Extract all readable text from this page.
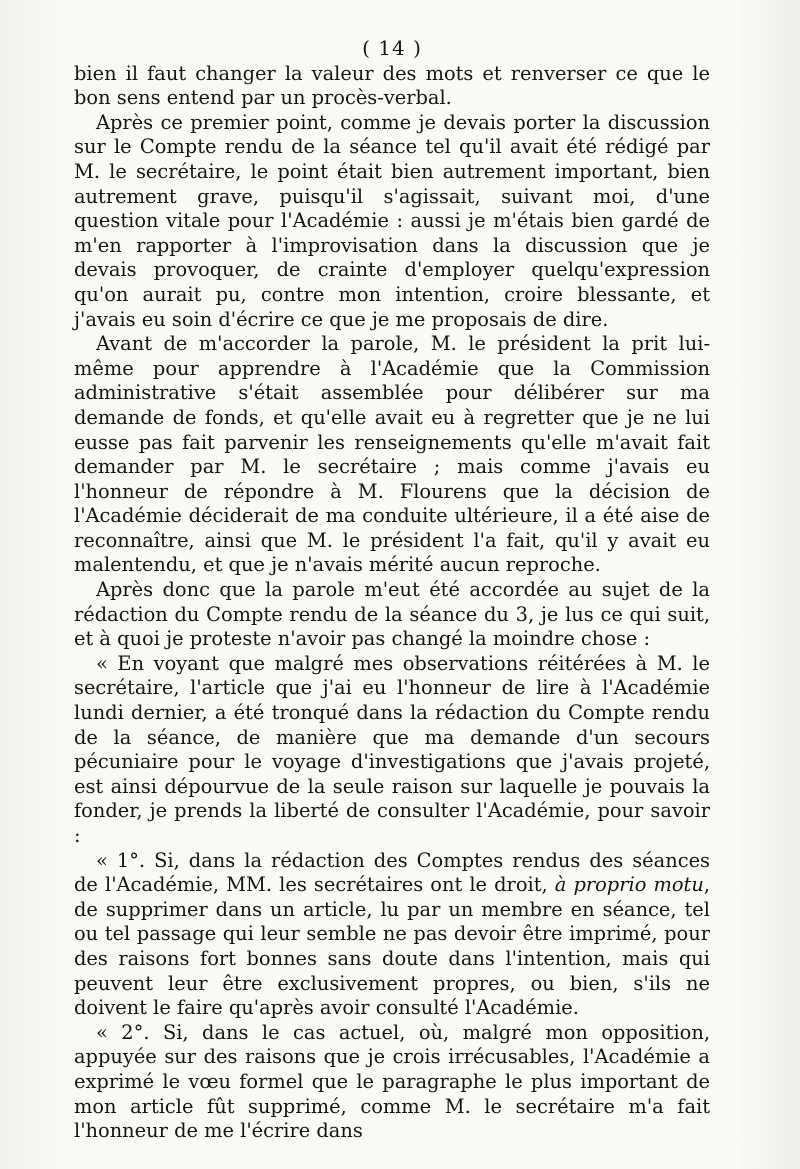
( 14 )

bien il faut changer la valeur des mots et renverser ce que le bon sens entend par un procès-verbal.

Après ce premier point, comme je devais porter la discussion sur le Compte rendu de la séance tel qu'il avait été rédigé par M. le secrétaire, le point était bien autrement important, bien autrement grave, puisqu'il s'agissait, suivant moi, d'une question vitale pour l'Académie : aussi je m'étais bien gardé de m'en rapporter à l'improvisation dans la discussion que je devais provoquer, de crainte d'employer quelqu'expression qu'on aurait pu, contre mon intention, croire blessante, et j'avais eu soin d'écrire ce que je me proposais de dire.

Avant de m'accorder la parole, M. le président la prit lui-même pour apprendre à l'Académie que la Commission administrative s'était assemblée pour délibérer sur ma demande de fonds, et qu'elle avait eu à regretter que je ne lui eusse pas fait parvenir les renseignements qu'elle m'avait fait demander par M. le secrétaire ; mais comme j'avais eu l'honneur de répondre à M. Flourens que la décision de l'Académie déciderait de ma conduite ultérieure, il a été aise de reconnaître, ainsi que M. le président l'a fait, qu'il y avait eu malentendu, et que je n'avais mérité aucun reproche.

Après donc que la parole m'eut été accordée au sujet de la rédaction du Compte rendu de la séance du 3, je lus ce qui suit, et à quoi je proteste n'avoir pas changé la moindre chose :

« En voyant que malgré mes observations réitérées à M. le secrétaire, l'article que j'ai eu l'honneur de lire à l'Académie lundi dernier, a été tronqué dans la rédaction du Compte rendu de la séance, de manière que ma demande d'un secours pécuniaire pour le voyage d'investigations que j'avais projeté, est ainsi dépourvue de la seule raison sur laquelle je pouvais la fonder, je prends la liberté de consulter l'Académie, pour savoir :

« 1°. Si, dans la rédaction des Comptes rendus des séances de l'Académie, MM. les secrétaires ont le droit, à proprio motu, de supprimer dans un article, lu par un membre en séance, tel ou tel passage qui leur semble ne pas devoir être imprimé, pour des raisons fort bonnes sans doute dans l'intention, mais qui peuvent leur être exclusivement propres, ou bien, s'ils ne doivent le faire qu'après avoir consulté l'Académie.

« 2°. Si, dans le cas actuel, où, malgré mon opposition, appuyée sur des raisons que je crois irrécusables, l'Académie a exprimé le vœu formel que le paragraphe le plus important de mon article fût supprimé, comme M. le secrétaire m'a fait l'honneur de me l'écrire dans
